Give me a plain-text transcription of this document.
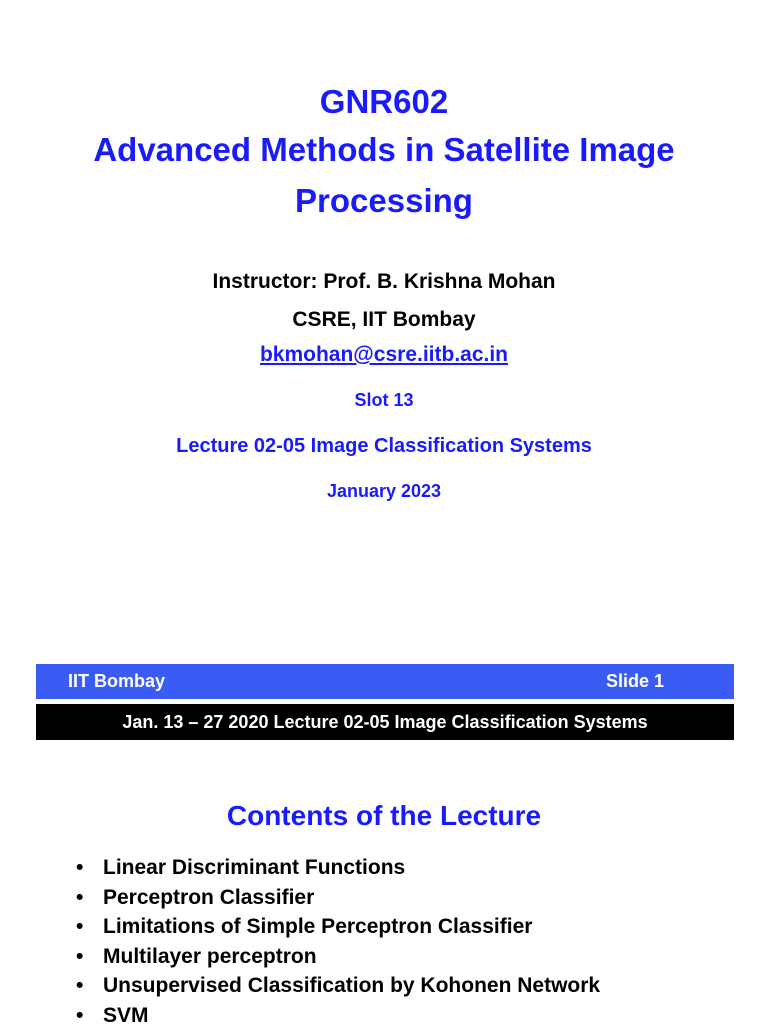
GNR602
Advanced Methods in Satellite Image
Processing
Instructor: Prof. B. Krishna Mohan
CSRE, IIT Bombay
bkmohan@csre.iitb.ac.in
Slot 13
Lecture 02-05 Image Classification Systems
January 2023
IIT Bombay	Slide 1
Jan. 13 – 27 2020 Lecture 02-05 Image Classification Systems
Contents of the Lecture
• Linear Discriminant Functions
• Perceptron Classifier
• Limitations of Simple Perceptron Classifier
• Multilayer perceptron
• Unsupervised Classification by Kohonen Network
• SVM
